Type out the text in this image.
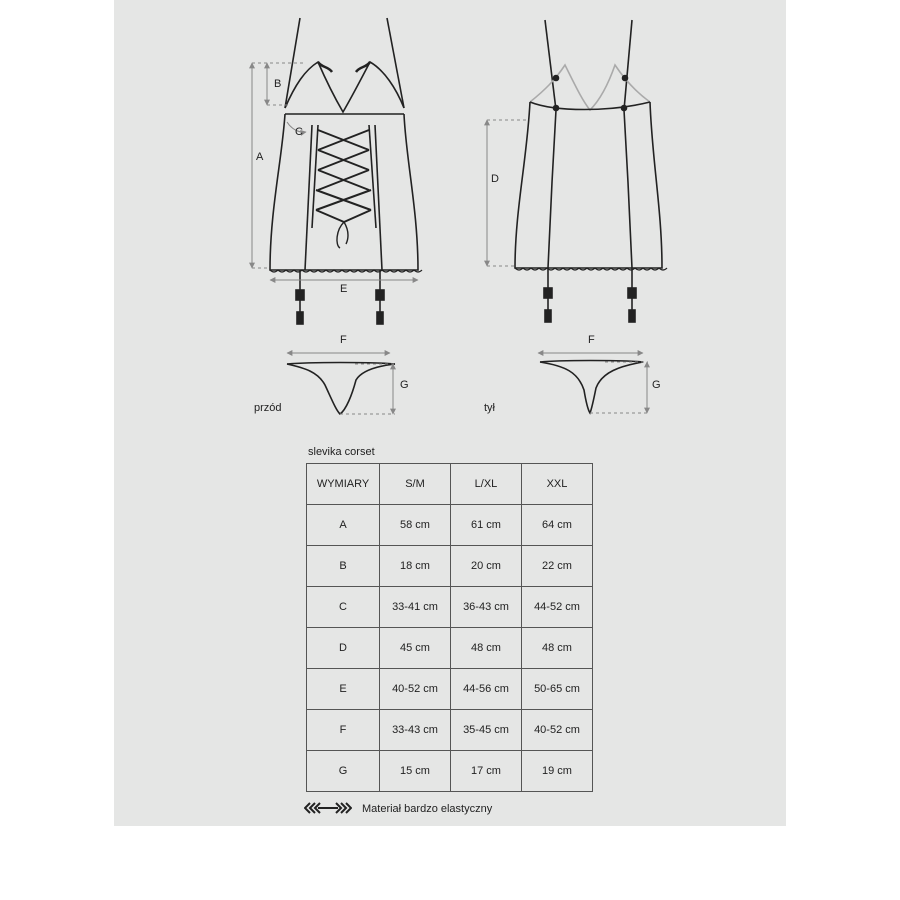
A
B
C
D
E
F	F
G	G
przód	tył
slevika corset
WYMIARY	S/M	L/XL	XXL
A	58 cm	61 cm	64 cm
B	18 cm	20 cm	22 cm
C	33-41 cm	36-43 cm	44-52 cm
D	45 cm	48 cm	48 cm
E	40-52 cm	44-56 cm	50-65 cm
F	33-43 cm	35-45 cm	40-52 cm
G	15 cm	17 cm	19 cm
Materiał bardzo elastyczny
